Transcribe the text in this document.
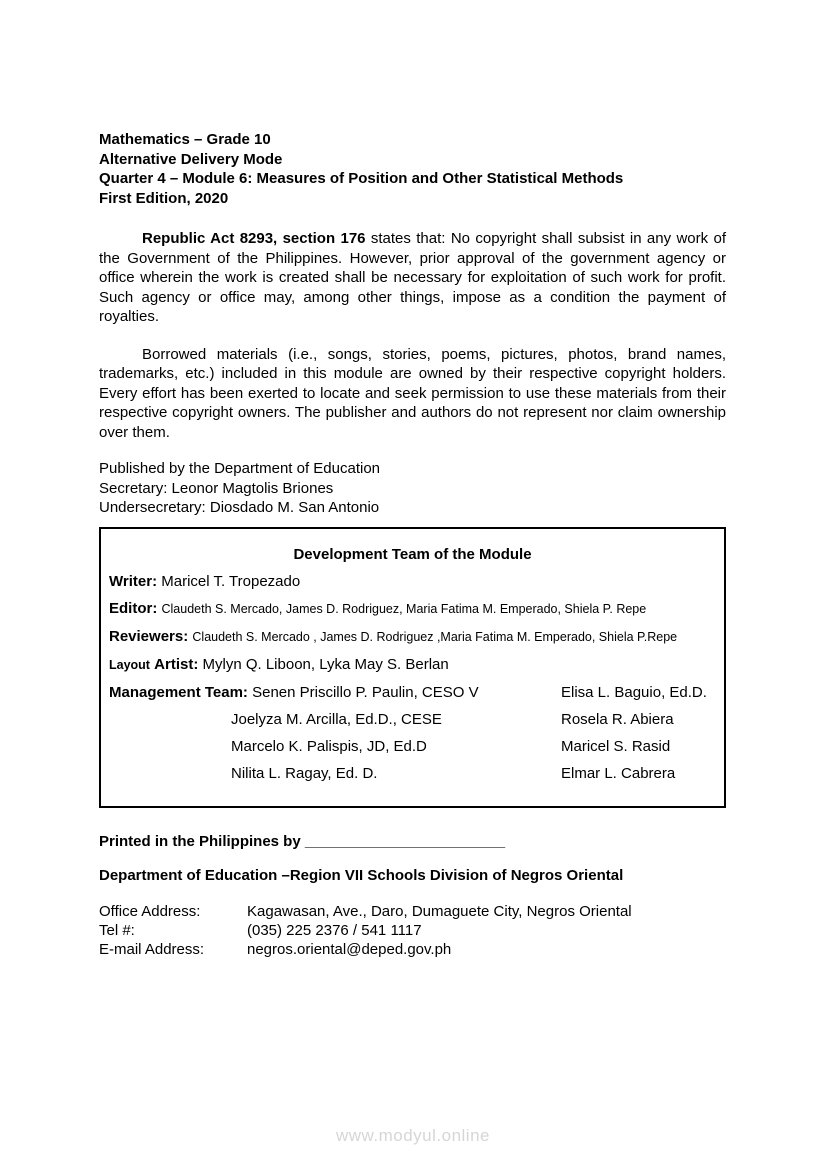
Mathematics – Grade 10
Alternative Delivery Mode
Quarter 4 – Module 6: Measures of Position and Other Statistical Methods
First Edition, 2020

Republic Act 8293, section 176 states that: No copyright shall subsist in any work of the Government of the Philippines. However, prior approval of the government agency or office wherein the work is created shall be necessary for exploitation of such work for profit. Such agency or office may, among other things, impose as a condition the payment of royalties.

Borrowed materials (i.e., songs, stories, poems, pictures, photos, brand names, trademarks, etc.) included in this module are owned by their respective copyright holders. Every effort has been exerted to locate and seek permission to use these materials from their respective copyright owners. The publisher and authors do not represent nor claim ownership over them.

Published by the Department of Education
Secretary: Leonor Magtolis Briones
Undersecretary: Diosdado M. San Antonio
Development Team of the Module
Writer: Maricel T. Tropezado
Editor: Claudeth S. Mercado, James D. Rodriguez, Maria Fatima M. Emperado, Shiela P. Repe
Reviewers: Claudeth S. Mercado , James D. Rodriguez ,Maria Fatima M. Emperado, Shiela P.Repe
Layout Artist: Mylyn Q. Liboon, Lyka May S. Berlan
Management Team: Senen Priscillo P. Paulin, CESO V	Elisa L. Baguio, Ed.D.
Joelyza M. Arcilla, Ed.D., CESE	Rosela R. Abiera
Marcelo K. Palispis, JD, Ed.D	Maricel S. Rasid
Nilita L. Ragay, Ed. D.	Elmar L. Cabrera

Printed in the Philippines by ________________________

Department of Education –Region VII Schools Division of Negros Oriental

Office Address:	Kagawasan, Ave., Daro, Dumaguete City, Negros Oriental
Tel #:	(035) 225 2376 / 541 1117
E-mail Address:	negros.oriental@deped.gov.ph
www.modyul.online
